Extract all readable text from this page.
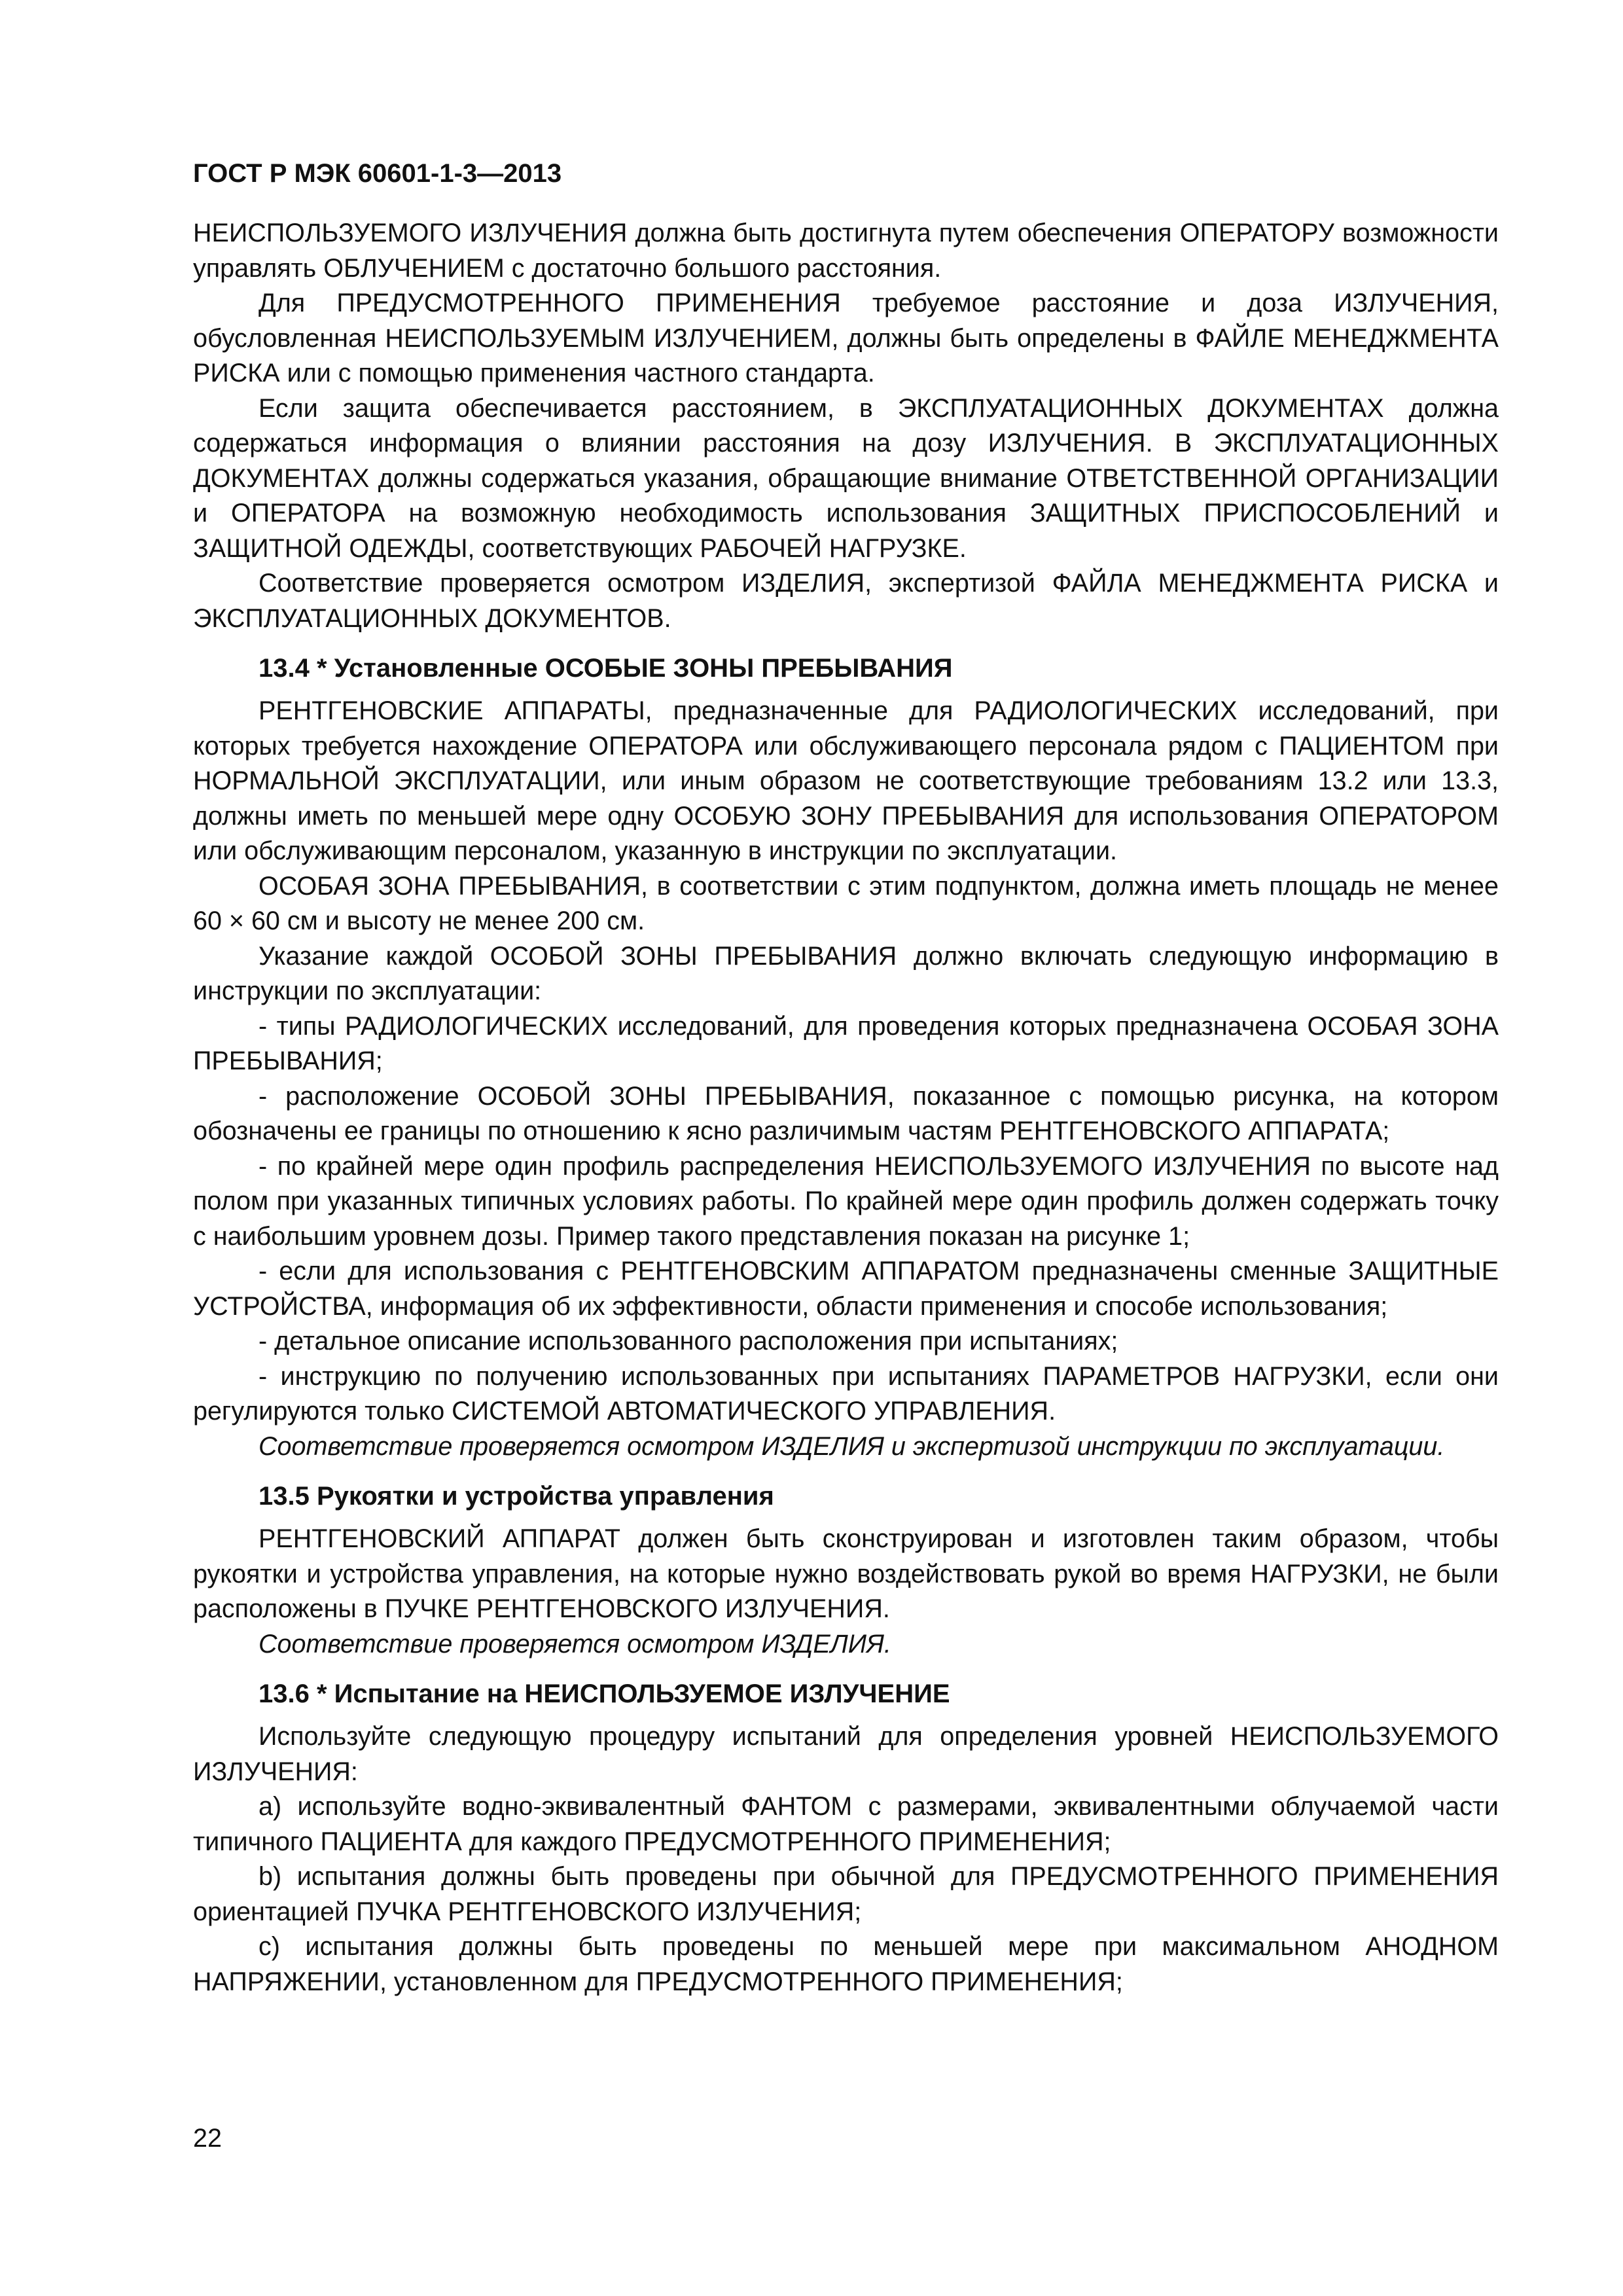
ГОСТ Р МЭК 60601-1-3—2013

НЕИСПОЛЬЗУЕМОГО ИЗЛУЧЕНИЯ должна быть достигнута путем обеспечения ОПЕРАТОРУ возможности управлять ОБЛУЧЕНИЕМ с достаточно большого расстояния.

Для ПРЕДУСМОТРЕННОГО ПРИМЕНЕНИЯ требуемое расстояние и доза ИЗЛУЧЕНИЯ, обусловленная НЕИСПОЛЬЗУЕМЫМ ИЗЛУЧЕНИЕМ, должны быть определены в ФАЙЛЕ МЕНЕДЖМЕНТА РИСКА или с помощью применения частного стандарта.

Если защита обеспечивается расстоянием, в ЭКСПЛУАТАЦИОННЫХ ДОКУМЕНТАХ должна содержаться информация о влиянии расстояния на дозу ИЗЛУЧЕНИЯ. В ЭКСПЛУАТАЦИОННЫХ ДОКУМЕНТАХ должны содержаться указания, обращающие внимание ОТВЕТСТВЕННОЙ ОРГАНИЗАЦИИ и ОПЕРАТОРА на возможную необходимость использования ЗАЩИТНЫХ ПРИСПОСОБЛЕНИЙ и ЗАЩИТНОЙ ОДЕЖДЫ, соответствующих РАБОЧЕЙ НАГРУЗКЕ.

Соответствие проверяется осмотром ИЗДЕЛИЯ, экспертизой ФАЙЛА МЕНЕДЖМЕНТА РИСКА и ЭКСПЛУАТАЦИОННЫХ ДОКУМЕНТОВ.

13.4 * Установленные ОСОБЫЕ ЗОНЫ ПРЕБЫВАНИЯ

РЕНТГЕНОВСКИЕ АППАРАТЫ, предназначенные для РАДИОЛОГИЧЕСКИХ исследований, при которых требуется нахождение ОПЕРАТОРА или обслуживающего персонала рядом с ПАЦИЕНТОМ при НОРМАЛЬНОЙ ЭКСПЛУАТАЦИИ, или иным образом не соответствующие требованиям 13.2 или 13.3, должны иметь по меньшей мере одну ОСОБУЮ ЗОНУ ПРЕБЫВАНИЯ для использования ОПЕРАТОРОМ или обслуживающим персоналом, указанную в инструкции по эксплуатации.

ОСОБАЯ ЗОНА ПРЕБЫВАНИЯ, в соответствии с этим подпунктом, должна иметь площадь не менее 60 × 60 см и высоту не менее 200 см.

Указание каждой ОСОБОЙ ЗОНЫ ПРЕБЫВАНИЯ должно включать следующую информацию в инструкции по эксплуатации:

- типы РАДИОЛОГИЧЕСКИХ исследований, для проведения которых предназначена ОСОБАЯ ЗОНА ПРЕБЫВАНИЯ;

- расположение ОСОБОЙ ЗОНЫ ПРЕБЫВАНИЯ, показанное с помощью рисунка, на котором обозначены ее границы по отношению к ясно различимым частям РЕНТГЕНОВСКОГО АППАРАТА;

- по крайней мере один профиль распределения НЕИСПОЛЬЗУЕМОГО ИЗЛУЧЕНИЯ по высоте над полом при указанных типичных условиях работы. По крайней мере один профиль должен содержать точку с наибольшим уровнем дозы. Пример такого представления показан на рисунке 1;

- если для использования с РЕНТГЕНОВСКИМ АППАРАТОМ предназначены сменные ЗАЩИТНЫЕ УСТРОЙСТВА, информация об их эффективности, области применения и способе использования;

- детальное описание использованного расположения при испытаниях;

- инструкцию по получению использованных при испытаниях ПАРАМЕТРОВ НАГРУЗКИ, если они регулируются только СИСТЕМОЙ АВТОМАТИЧЕСКОГО УПРАВЛЕНИЯ.

Соответствие проверяется осмотром ИЗДЕЛИЯ и экспертизой инструкции по эксплуатации.

13.5 Рукоятки и устройства управления

РЕНТГЕНОВСКИЙ АППАРАТ должен быть сконструирован и изготовлен таким образом, чтобы рукоятки и устройства управления, на которые нужно воздействовать рукой во время НАГРУЗКИ, не были расположены в ПУЧКЕ РЕНТГЕНОВСКОГО ИЗЛУЧЕНИЯ.

Соответствие проверяется осмотром ИЗДЕЛИЯ.

13.6 * Испытание на НЕИСПОЛЬЗУЕМОЕ ИЗЛУЧЕНИЕ

Используйте следующую процедуру испытаний для определения уровней НЕИСПОЛЬЗУЕМОГО ИЗЛУЧЕНИЯ:

a) используйте водно-эквивалентный ФАНТОМ с размерами, эквивалентными облучаемой части типичного ПАЦИЕНТА для каждого ПРЕДУСМОТРЕННОГО ПРИМЕНЕНИЯ;

b) испытания должны быть проведены при обычной для ПРЕДУСМОТРЕННОГО ПРИМЕНЕНИЯ ориентацией ПУЧКА РЕНТГЕНОВСКОГО ИЗЛУЧЕНИЯ;

c) испытания должны быть проведены по меньшей мере при максимальном АНОДНОМ НАПРЯЖЕНИИ, установленном для ПРЕДУСМОТРЕННОГО ПРИМЕНЕНИЯ;

22
